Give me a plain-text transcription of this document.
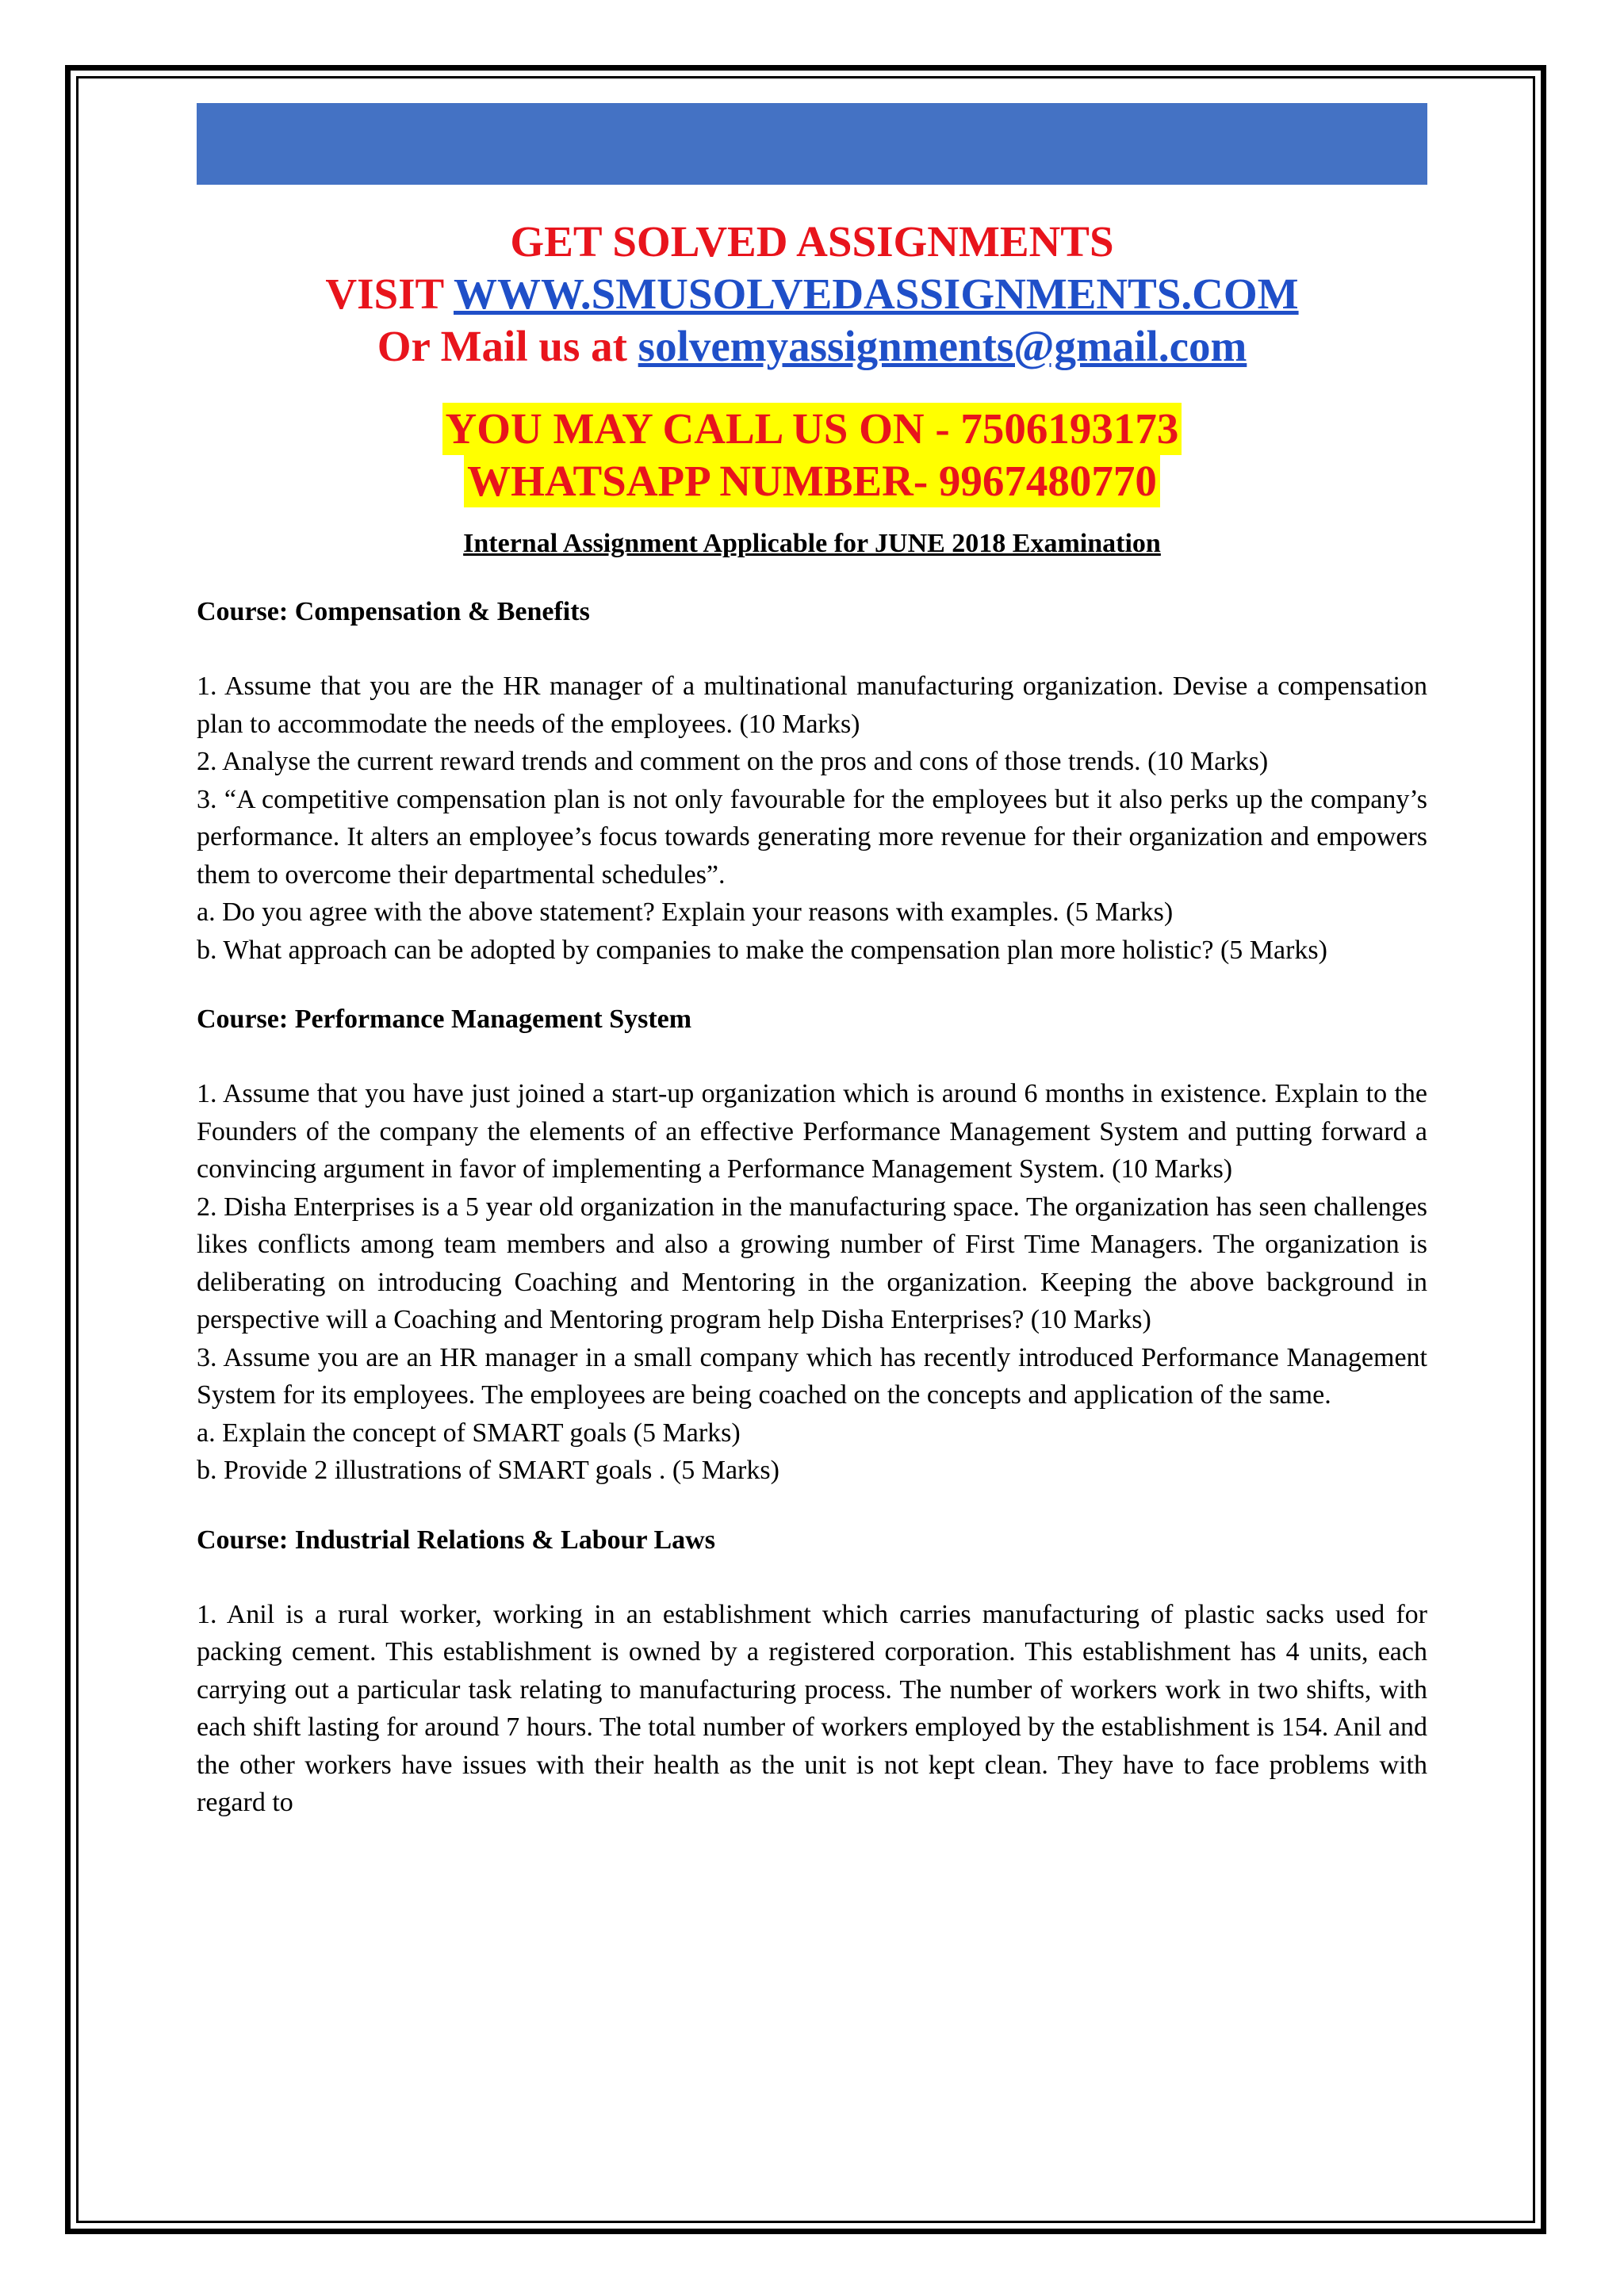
GET SOLVED ASSIGNMENTS
VISIT WWW.SMUSOLVEDASSIGNMENTS.COM
Or Mail us at solvemyassignments@gmail.com
YOU MAY CALL US ON - 7506193173
WHATSAPP NUMBER- 9967480770
Internal Assignment Applicable for JUNE 2018 Examination
Course: Compensation & Benefits

1. Assume that you are the HR manager of a multinational manufacturing organization. Devise a compensation plan to accommodate the needs of the employees. (10 Marks)

2. Analyse the current reward trends and comment on the pros and cons of those trends. (10 Marks)

3. “A competitive compensation plan is not only favourable for the employees but it also perks up the company’s performance. It alters an employee’s focus towards generating more revenue for their organization and empowers them to overcome their departmental schedules”.

a. Do you agree with the above statement? Explain your reasons with examples. (5 Marks)

b. What approach can be adopted by companies to make the compensation plan more holistic? (5 Marks)

Course: Performance Management System

1. Assume that you have just joined a start-up organization which is around 6 months in existence. Explain to the Founders of the company the elements of an effective Performance Management System and putting forward a convincing argument in favor of implementing a Performance Management System. (10 Marks)

2. Disha Enterprises is a 5 year old organization in the manufacturing space. The organization has seen challenges likes conflicts among team members and also a growing number of First Time Managers. The organization is deliberating on introducing Coaching and Mentoring in the organization. Keeping the above background in perspective will a Coaching and Mentoring program help Disha Enterprises? (10 Marks)

3. Assume you are an HR manager in a small company which has recently introduced Performance Management System for its employees. The employees are being coached on the concepts and application of the same.

a. Explain the concept of SMART goals (5 Marks)

b. Provide 2 illustrations of SMART goals . (5 Marks)

Course: Industrial Relations & Labour Laws

1. Anil is a rural worker, working in an establishment which carries manufacturing of plastic sacks used for packing cement. This establishment is owned by a registered corporation. This establishment has 4 units, each carrying out a particular task relating to manufacturing process. The number of workers work in two shifts, with each shift lasting for around 7 hours. The total number of workers employed by the establishment is 154. Anil and the other workers have issues with their health as the unit is not kept clean. They have to face problems with regard to
